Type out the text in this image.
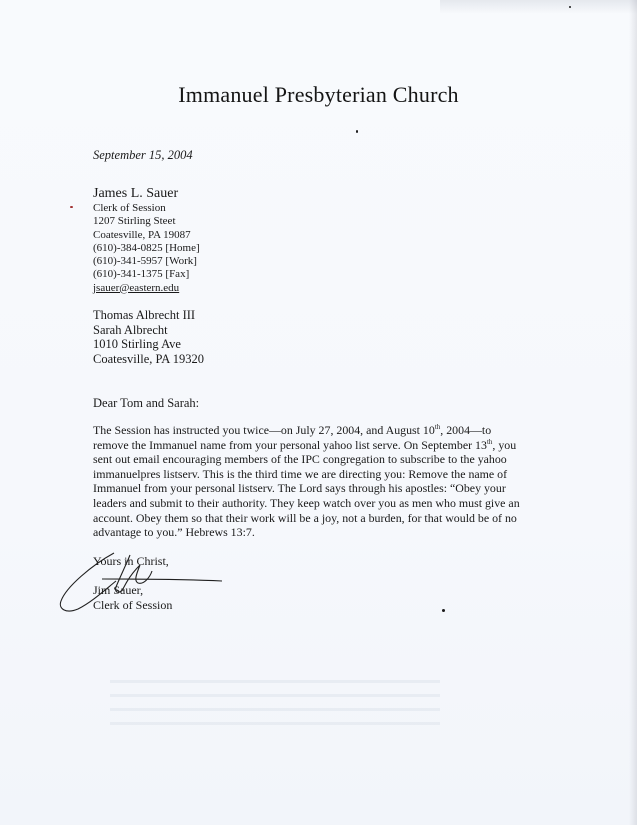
Immanuel Presbyterian Church
September 15, 2004
James L. Sauer
Clerk of Session
1207 Stirling Steet
Coatesville, PA 19087
(610)-384-0825 [Home]
(610)-341-5957 [Work]
(610)-341-1375 [Fax]
jsauer@eastern.edu
Thomas Albrecht III
Sarah Albrecht
1010 Stirling Ave
Coatesville, PA 19320
Dear Tom and Sarah:
The Session has instructed you twice—on July 27, 2004, and August 10th, 2004—to
remove the Immanuel name from your personal yahoo list serve. On September 13th, you
sent out email encouraging members of the IPC congregation to subscribe to the yahoo
immanuelpres listserv. This is the third time we are directing you: Remove the name of
Immanuel from your personal listserv. The Lord says through his apostles: “Obey your
leaders and submit to their authority. They keep watch over you as men who must give an
account. Obey them so that their work will be a joy, not a burden, for that would be of no
advantage to you.” Hebrews 13:7.
Yours in Christ,
Jim Sauer,
Clerk of Session
